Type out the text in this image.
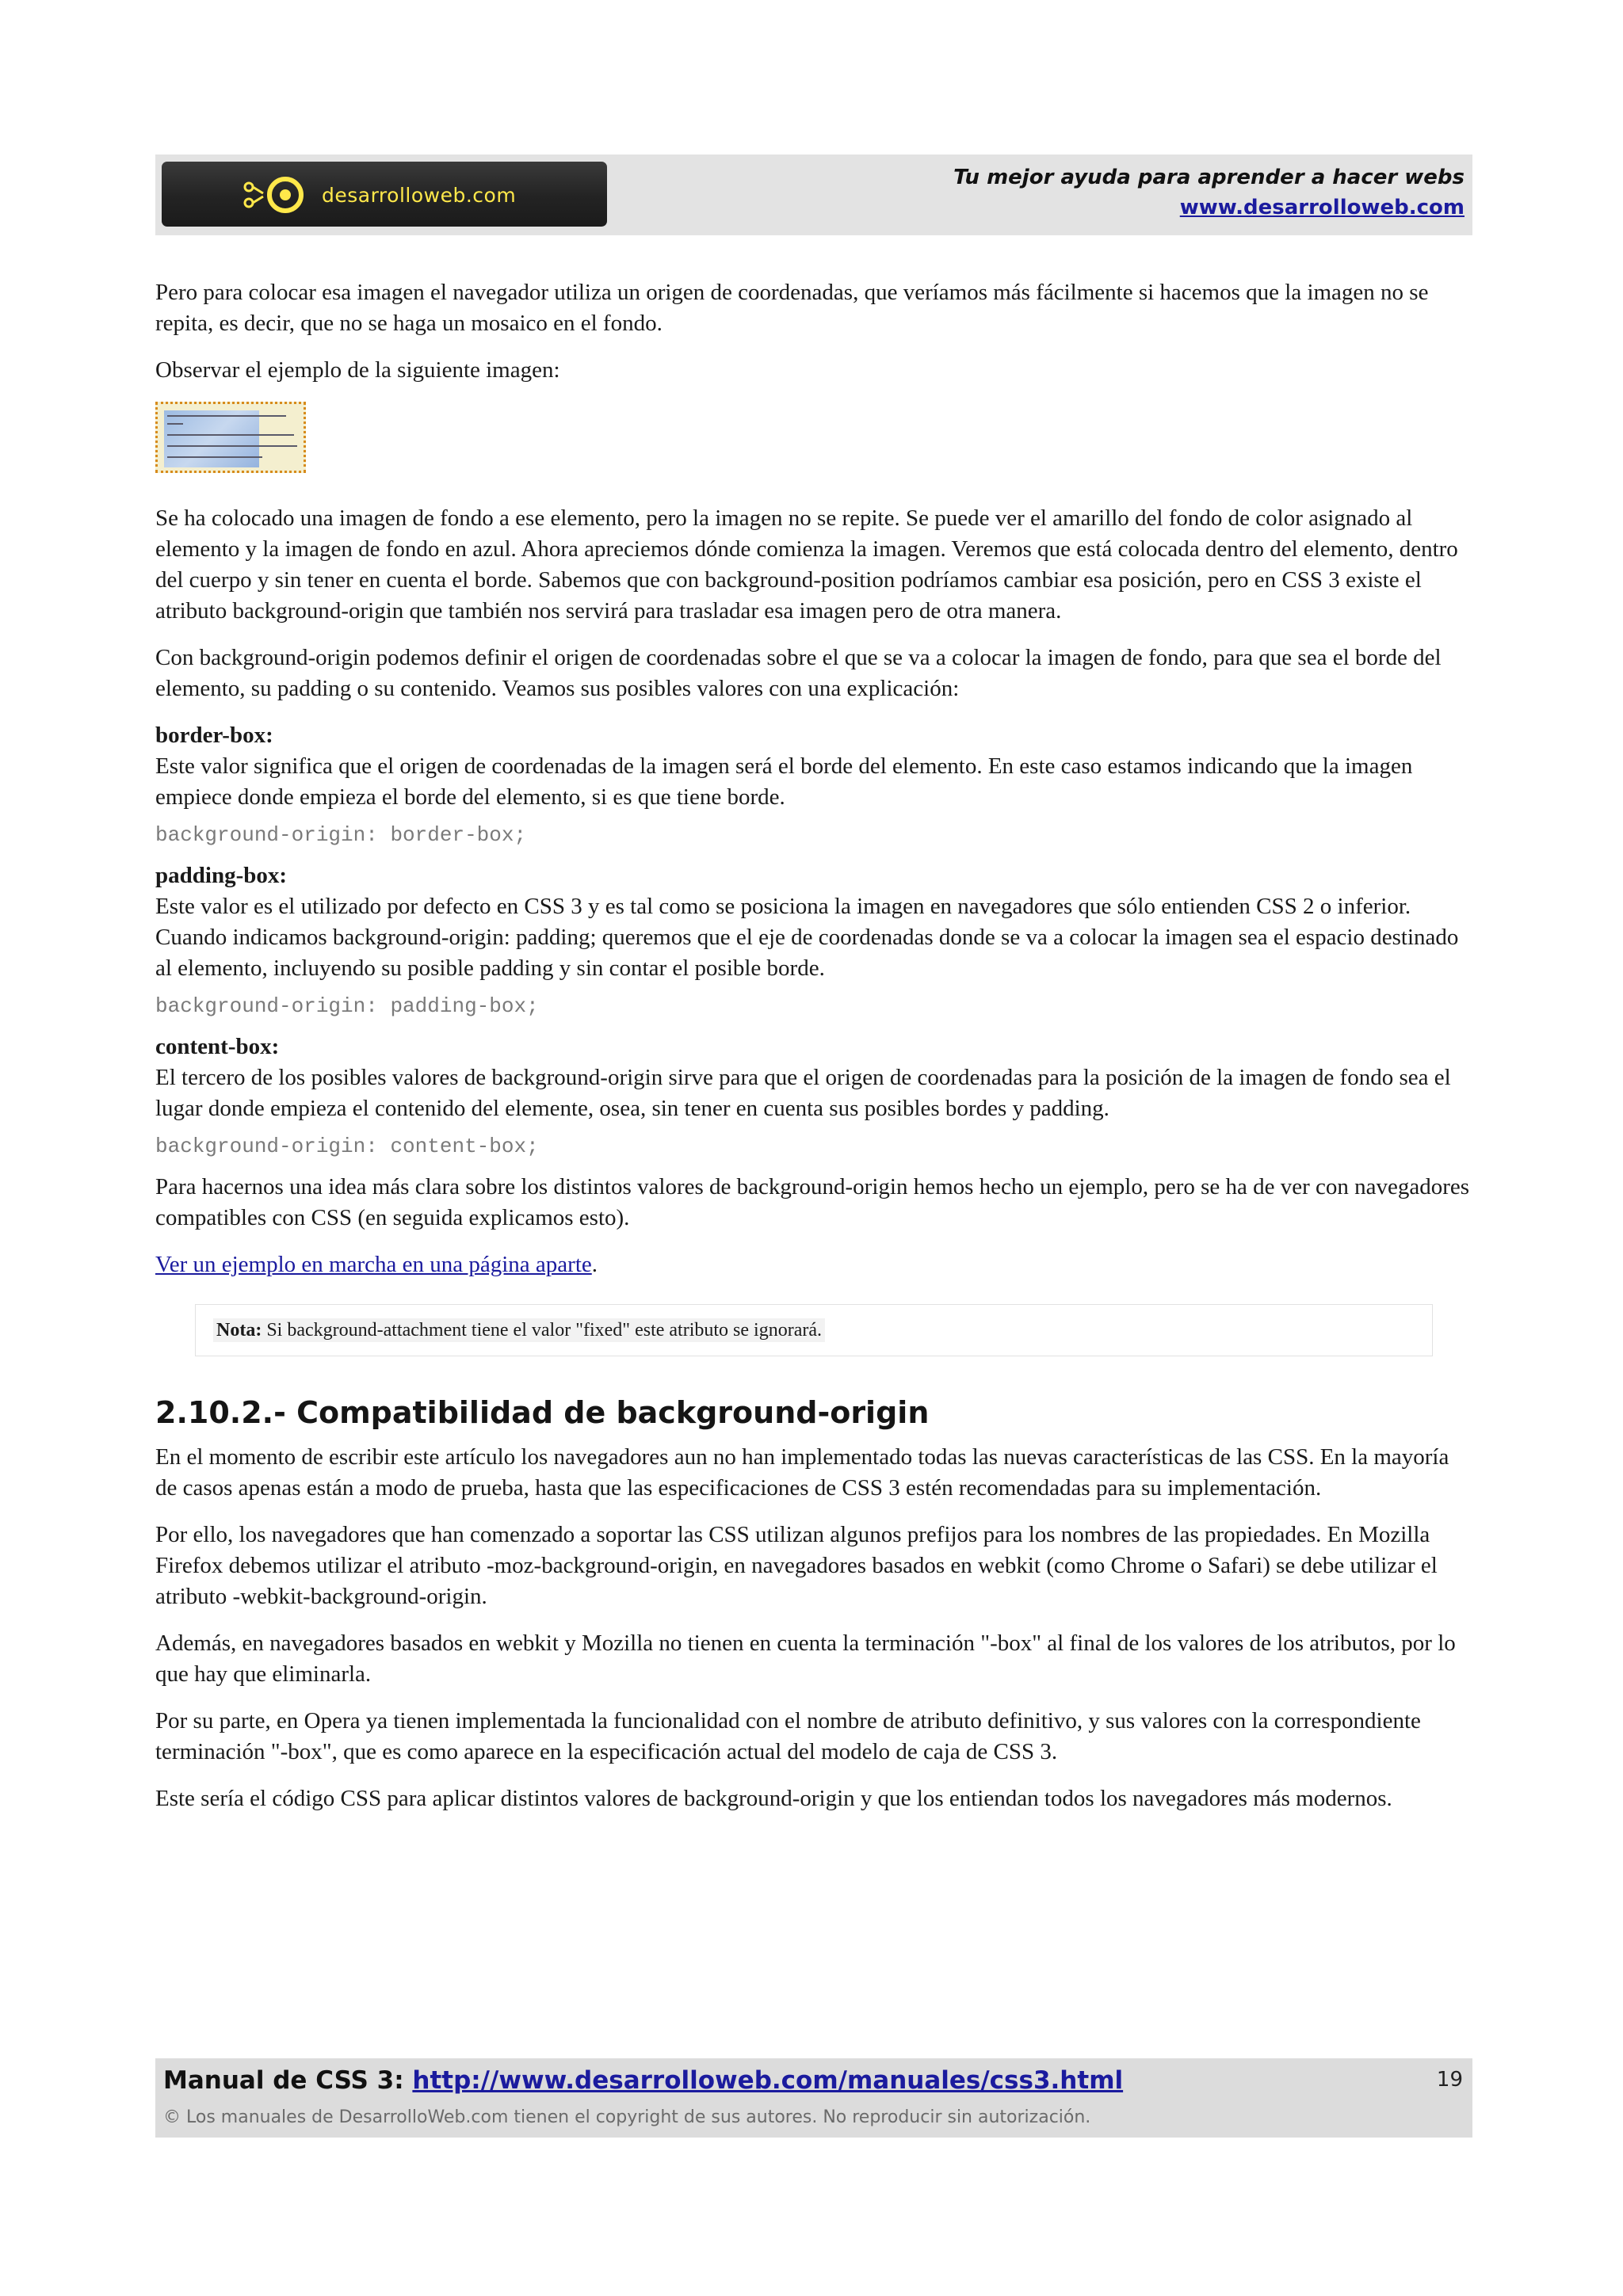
desarrolloweb.com
Tu mejor ayuda para aprender a hacer webs
www.desarrolloweb.com

Pero para colocar esa imagen el navegador utiliza un origen de coordenadas, que veríamos más fácilmente si hacemos que la imagen no se repita, es decir, que no se haga un mosaico en el fondo.

Observar el ejemplo de la siguiente imagen:

Se ha colocado una imagen de fondo a ese elemento, pero la imagen no se repite. Se puede ver el amarillo del fondo de color asignado al elemento y la imagen de fondo en azul. Ahora apreciemos dónde comienza la imagen. Veremos que está colocada dentro del elemento, dentro del cuerpo y sin tener en cuenta el borde. Sabemos que con background-position podríamos cambiar esa posición, pero en CSS 3 existe el atributo background-origin que también nos servirá para trasladar esa imagen pero de otra manera.

Con background-origin podemos definir el origen de coordenadas sobre el que se va a colocar la imagen de fondo, para que sea el borde del elemento, su padding o su contenido. Veamos sus posibles valores con una explicación:

border-box:

Este valor significa que el origen de coordenadas de la imagen será el borde del elemento. En este caso estamos indicando que la imagen empiece donde empieza el borde del elemento, si es que tiene borde.

background-origin: border-box;
padding-box:

Este valor es el utilizado por defecto en CSS 3 y es tal como se posiciona la imagen en navegadores que sólo entienden CSS 2 o inferior. Cuando indicamos background-origin: padding; queremos que el eje de coordenadas donde se va a colocar la imagen sea el espacio destinado al elemento, incluyendo su posible padding y sin contar el posible borde.

background-origin: padding-box;
content-box:

El tercero de los posibles valores de background-origin sirve para que el origen de coordenadas para la posición de la imagen de fondo sea el lugar donde empieza el contenido del elemente, osea, sin tener en cuenta sus posibles bordes y padding.

background-origin: content-box;

Para hacernos una idea más clara sobre los distintos valores de background-origin hemos hecho un ejemplo, pero se ha de ver con navegadores compatibles con CSS (en seguida explicamos esto).

Ver un ejemplo en marcha en una página aparte.

Nota: Si background-attachment tiene el valor "fixed" este atributo se ignorará.
2.10.2.- Compatibilidad de background-origin

En el momento de escribir este artículo los navegadores aun no han implementado todas las nuevas características de las CSS. En la mayoría de casos apenas están a modo de prueba, hasta que las especificaciones de CSS 3 estén recomendadas para su implementación.

Por ello, los navegadores que han comenzado a soportar las CSS utilizan algunos prefijos para los nombres de las propiedades. En Mozilla Firefox debemos utilizar el atributo -moz-background-origin, en navegadores basados en webkit (como Chrome o Safari) se debe utilizar el atributo -webkit-background-origin.

Además, en navegadores basados en webkit y Mozilla no tienen en cuenta la terminación "-box" al final de los valores de los atributos, por lo que hay que eliminarla.

Por su parte, en Opera ya tienen implementada la funcionalidad con el nombre de atributo definitivo, y sus valores con la correspondiente terminación "-box", que es como aparece en la especificación actual del modelo de caja de CSS 3.

Este sería el código CSS para aplicar distintos valores de background-origin y que los entiendan todos los navegadores más modernos.

Manual de CSS 3: http://www.desarrolloweb.com/manuales/css3.html	19
© Los manuales de DesarrolloWeb.com tienen el copyright de sus autores. No reproducir sin autorización.
